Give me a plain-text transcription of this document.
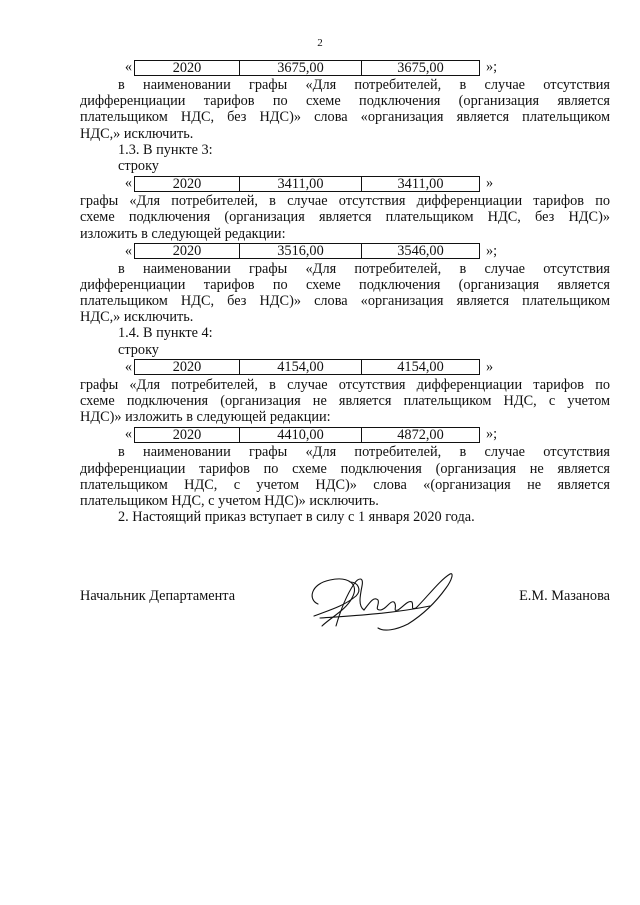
2
«	2020	3675,00	3675,00	»;
в наименовании графы «Для потребителей, в случае отсутствия
дифференциации тарифов по схеме подключения (организация является
плательщиком НДС, без НДС)» слова «организация является плательщиком
НДС,» исключить.
1.3. В пункте 3:
строку
«	2020	3411,00	3411,00	»
графы «Для потребителей, в случае отсутствия дифференциации тарифов по
схеме подключения (организация является плательщиком НДС, без НДС)»
изложить в следующей редакции:
«	2020	3516,00	3546,00	»;
в наименовании графы «Для потребителей, в случае отсутствия
дифференциации тарифов по схеме подключения (организация является
плательщиком НДС, без НДС)» слова «организация является плательщиком
НДС,» исключить.
1.4. В пункте 4:
строку
«	2020	4154,00	4154,00	»
графы «Для потребителей, в случае отсутствия дифференциации тарифов по
схеме подключения (организация не является плательщиком НДС, с учетом
НДС)» изложить в следующей редакции:
«	2020	4410,00	4872,00	»;
в наименовании графы «Для потребителей, в случае отсутствия
дифференциации тарифов по схеме подключения (организация не является
плательщиком НДС, с учетом НДС)» слова «(организация не является
плательщиком НДС, с учетом НДС)» исключить.
2. Настоящий приказ вступает в силу с 1 января 2020 года.
Начальник Департамента	Е.М. Мазанова
